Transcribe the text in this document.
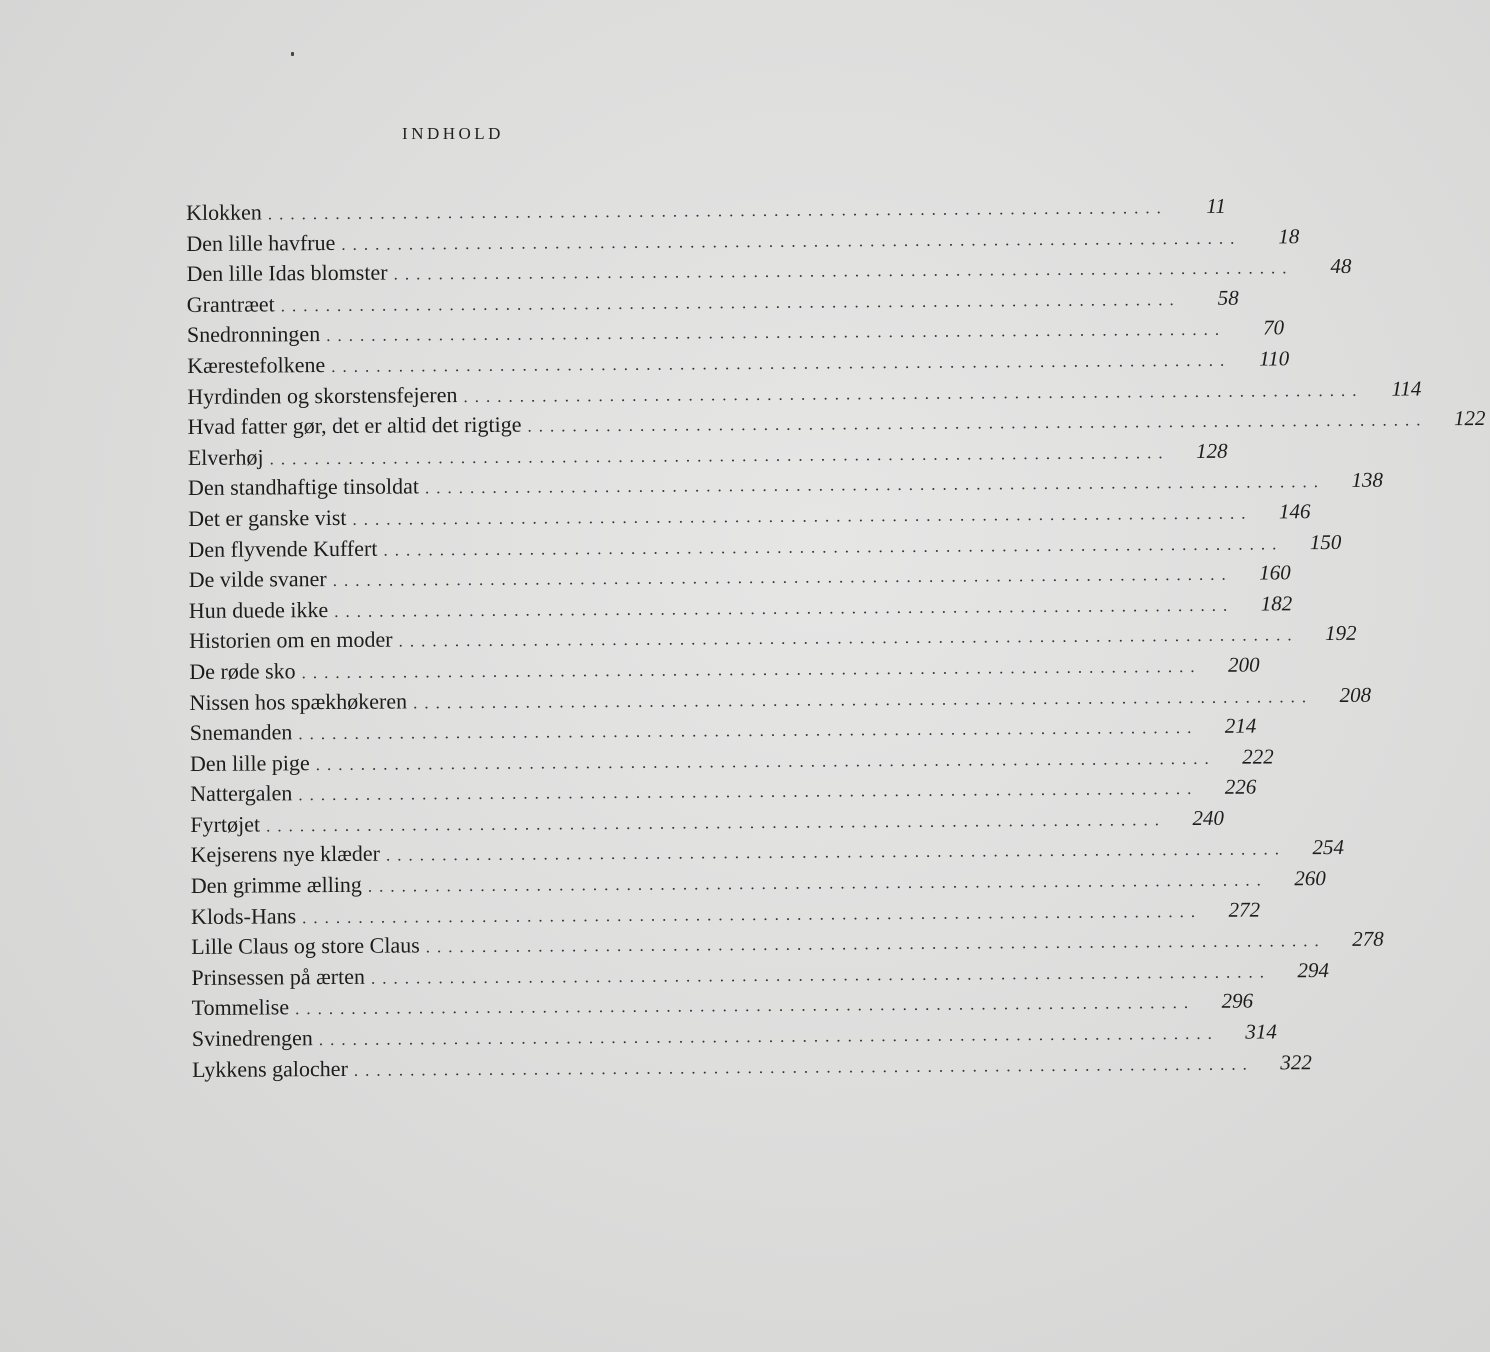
INDHOLD
Klokken ................................................................................	11
Den lille havfrue ................................................................................	18
Den lille Idas blomster ................................................................................	48
Grantræet ................................................................................	58
Snedronningen ................................................................................	70
Kærestefolkene ................................................................................	110
Hyrdinden og skorstensfejeren ................................................................................	114
Hvad fatter gør, det er altid det rigtige ................................................................................	122
Elverhøj ................................................................................	128
Den standhaftige tinsoldat ................................................................................	138
Det er ganske vist ................................................................................	146
Den flyvende Kuffert ................................................................................	150
De vilde svaner ................................................................................	160
Hun duede ikke ................................................................................	182
Historien om en moder ................................................................................	192
De røde sko ................................................................................	200
Nissen hos spækhøkeren ................................................................................	208
Snemanden ................................................................................	214
Den lille pige ................................................................................	222
Nattergalen ................................................................................	226
Fyrtøjet ................................................................................	240
Kejserens nye klæder ................................................................................	254
Den grimme ælling ................................................................................	260
Klods-Hans ................................................................................	272
Lille Claus og store Claus ................................................................................	278
Prinsessen på ærten ................................................................................	294
Tommelise ................................................................................	296
Svinedrengen ................................................................................	314
Lykkens galocher ................................................................................	322
